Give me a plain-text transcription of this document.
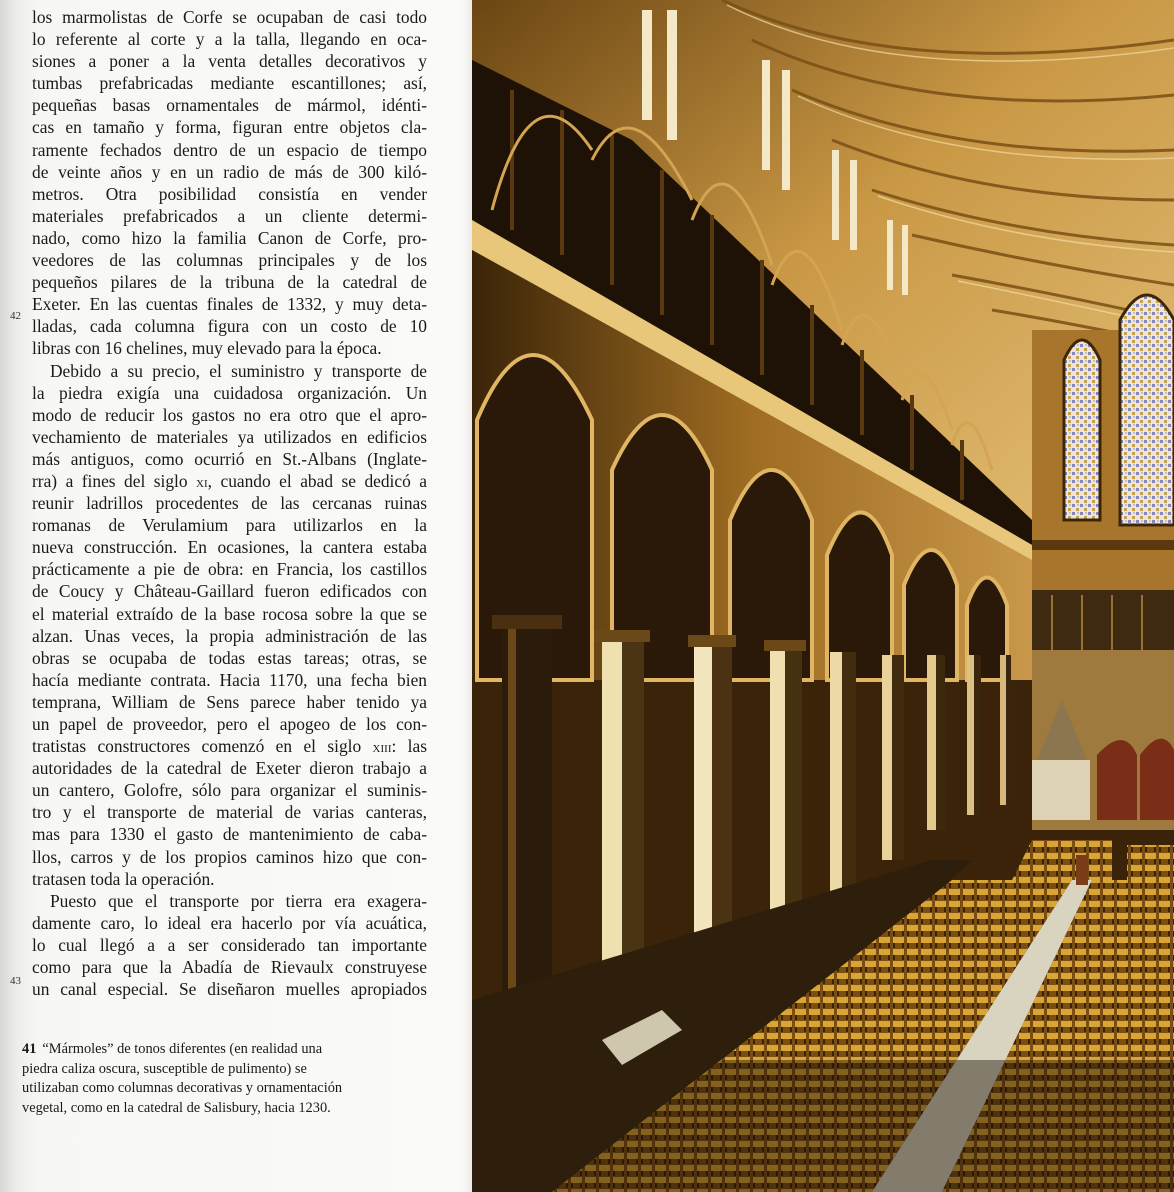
los marmolistas de Corfe se ocupaban de casi todo
lo referente al corte y a la talla, llegando en oca-
siones a poner a la venta detalles decorativos y
tumbas prefabricadas mediante escantillones; así,
pequeñas basas ornamentales de mármol, idénti-
cas en tamaño y forma, figuran entre objetos cla-
ramente fechados dentro de un espacio de tiempo
de veinte años y en un radio de más de 300 kiló-
metros. Otra posibilidad consistía en vender
materiales prefabricados a un cliente determi-
nado, como hizo la familia Canon de Corfe, pro-
veedores de las columnas principales y de los
pequeños pilares de la tribuna de la catedral de
Exeter. En las cuentas finales de 1332, y muy deta-
lladas, cada columna figura con un costo de 10
libras con 16 chelines, muy elevado para la época.
Debido a su precio, el suministro y transporte de
la piedra exigía una cuidadosa organización. Un
modo de reducir los gastos no era otro que el apro-
vechamiento de materiales ya utilizados en edificios
más antiguos, como ocurrió en St.-Albans (Inglate-
rra) a fines del siglo xi, cuando el abad se dedicó a
reunir ladrillos procedentes de las cercanas ruinas
romanas de Verulamium para utilizarlos en la
nueva construcción. En ocasiones, la cantera estaba
prácticamente a pie de obra: en Francia, los castillos
de Coucy y Château-Gaillard fueron edificados con
el material extraído de la base rocosa sobre la que se
alzan. Unas veces, la propia administración de las
obras se ocupaba de todas estas tareas; otras, se
hacía mediante contrata. Hacia 1170, una fecha bien
temprana, William de Sens parece haber tenido ya
un papel de proveedor, pero el apogeo de los con-
tratistas constructores comenzó en el siglo xiii: las
autoridades de la catedral de Exeter dieron trabajo a
un cantero, Golofre, sólo para organizar el suminis-
tro y el transporte de material de varias canteras,
mas para 1330 el gasto de mantenimiento de caba-
llos, carros y de los propios caminos hizo que con-
tratasen toda la operación.
Puesto que el transporte por tierra era exagera-
damente caro, lo ideal era hacerlo por vía acuática,
lo cual llegó a a ser considerado tan importante
como para que la Abadía de Rievaulx construyese
un canal especial. Se diseñaron muelles apropiados
42
43
41 “Mármoles” de tonos diferentes (en realidad una
piedra caliza oscura, susceptible de pulimento) se
utilizaban como columnas decorativas y ornamentación
vegetal, como en la catedral de Salisbury, hacia 1230.
